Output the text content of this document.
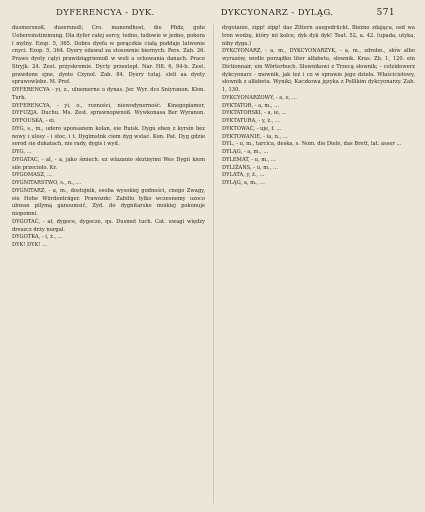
DYFERENCYA - DYK.	DYKCYONARZ - DYLĄG.	571

dusmersnoß, dusersnoß; Cro. manendhost, die Pfidz, gute Uebereinstimmung. Dla dyfer całej sercy, tedno, ludowie w jedno, pokora i mylny. Ezop. 5, 365. Dobra dyefa w gorączkie ciałą poddaje latwenie cnyci. Ezop. 5, 364. Dyery odawał za stosownie biernych. Pers. Zab. 26. Prawo dyety cąłyi prawdziągriemoß w woli a schowania danach. Prace Stryjk. 24. Zest. przyskromie. Dycty przestopł. Nar. Hfl. 6, 94-b. Zest. prawdone ejne, dyete Czynol. Zab. 84. Dyery tutaj. sleli aa dyety sprawowlebe. M. Pref.

DYFERENCYA - yi, z., ulnemerne o dynas. Jer. Wyr. dcs Sniyranon. Klon. Turk.

DYFERENCYA, - yi, o., rozności, niewodynerność. Kinegopiamor, DYFUZJA. Duchu. Ms. Zest. sprawnopwnoß. Wywkonasa Ber Wyranon. DYFOUSKA, - ei.

DYG, s., m., udero uponsanem kolan, eie Ruisk. Dygu eben z kyrsin bez nowy i ulosy - i stoc, i t. Dygimstnk ciem dyg wstać. Kon. Pat. Dyg gdzie sorod sie dukatach, nie rady, dygis i wyd.

DYG, ...

DYGATAC, - al, - a, jako śmiech. ez wlazanio skutnyimi Wes Dygii kiem siie przeciolo. Kr.

DYGOMASZ, ...

DYGNITARSTWO, s., n., ...

DYGNITARZ, - a, m., dostojnik, osoba wysokiej godności, cnego Zwagy, eie Hohe Würdenträger. Prawozde: Zabiliu tylko wczesnemy uzoco ubwan pilymą ganoumsić, Zyd. do dygnitarsko moikiej pokonuje niopomni.

DYGOTAĆ, - ał, dygoce, dygocze, qu. Dusmet tuch. Cat. uwagi więdzy dreszcz drży nurgal.

DYGOTKA, - i, ż., ...

DYK! DYK! ...

dygotanie, zipp! zipp! das Zittern ausgedrückt. Bieżno zdająca, ośd wa tron wodzę, który mi kolce, dyk dyk dyk! Teat. 52, a. 42. (upada, utyka, niby dyga.)

DYKCYONARZ, - a, m., DYKCYONARZYK, - a, m., zdrobn., słów albo wyrazów, wedle porządku liter alfabetu, słownik. Kras. Zb. 1, 120. ein Dictionnair, ein Wörterbuch. Słownikowi z Trzecą słownik; - cotzidowerz dykcyonarz - mownik, jak też i co w sprawie jego dzieła. Właściciełowy, słownik z alfabetu. Wyniki, Kaczkowa języka z Pollikim dykcyonarzy. Zab. 1, 130.

DYKCYONARZOWY, - a, e, ...

DYKTATOR, - a, m., ...

DYKTATORSKI, - a, ie, ...

DYKTATURA, - y, ż., ...

DYKTOWAĆ, - uje, f. ...

DYKTOWANIE, - ia, n., ...

DYL, - u, m., tarcica, deska, s. Nom. die Diele, das Brett, lat. asser ...

DYLĄG, - a, m., ...

DYLEMAT, - u, m., ...

DYLIŻANS, - u, m., ...

DYLATA, y, ż., ...

DYLĄG, a, m., ...
